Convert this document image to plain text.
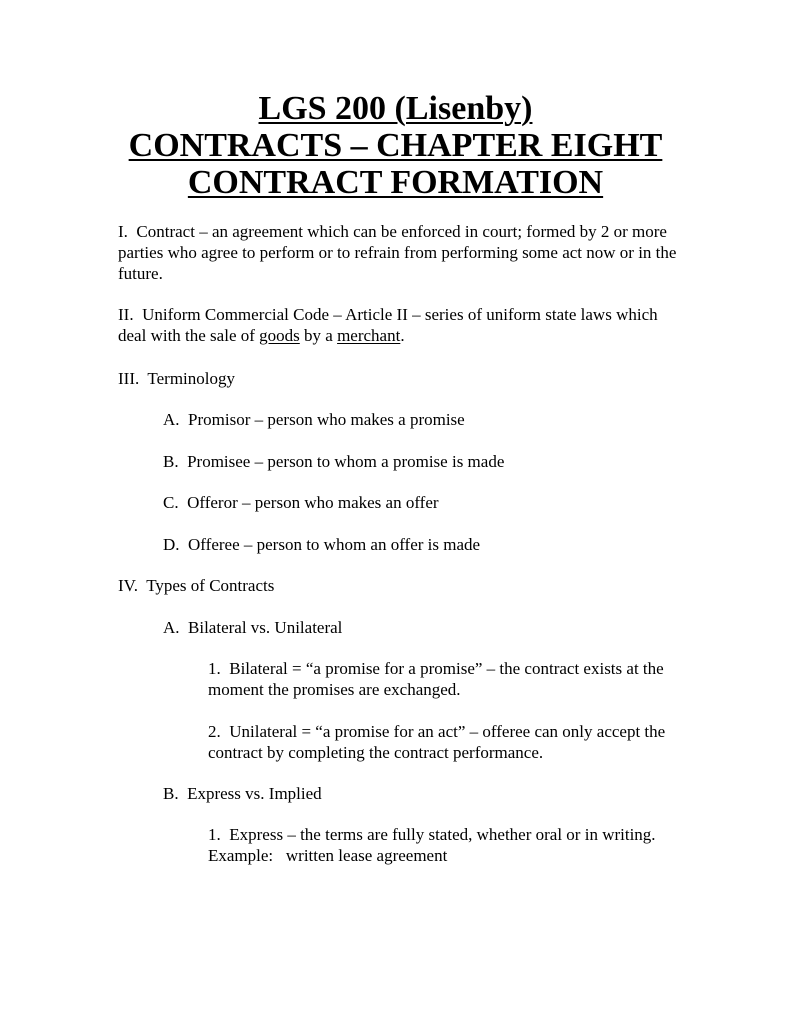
LGS 200 (Lisenby)
CONTRACTS – CHAPTER EIGHT
CONTRACT FORMATION
I.  Contract – an agreement which can be enforced in court; formed by 2 or more parties who agree to perform or to refrain from performing some act now or in the future.
II.  Uniform Commercial Code – Article II – series of uniform state laws which deal with the sale of goods by a merchant.
III.  Terminology
A.  Promisor – person who makes a promise
B.  Promisee – person to whom a promise is made
C.  Offeror – person who makes an offer
D.  Offeree – person to whom an offer is made
IV.  Types of Contracts
A.  Bilateral vs. Unilateral
1.  Bilateral = “a promise for a promise” – the contract exists at the moment the promises are exchanged.
2.  Unilateral = “a promise for an act” – offeree can only accept the contract by completing the contract performance.
B.  Express vs. Implied
1.  Express – the terms are fully stated, whether oral or in writing.  Example:   written lease agreement
